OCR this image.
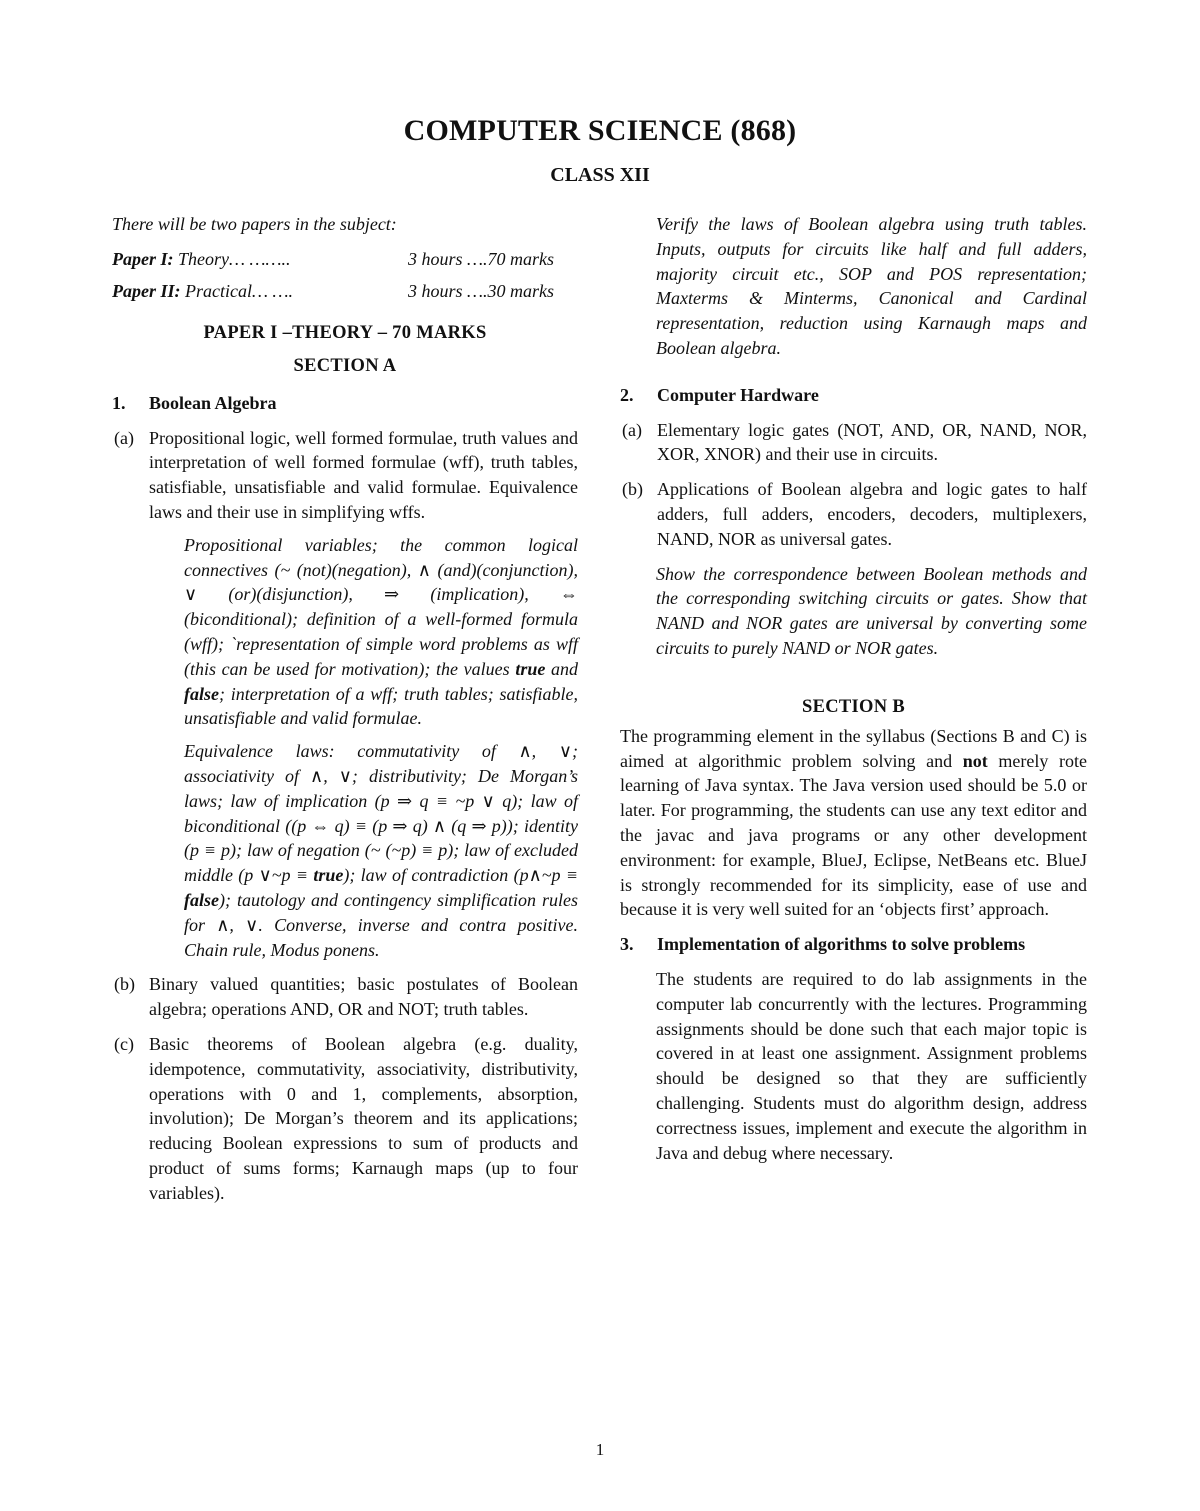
COMPUTER SCIENCE (868)
CLASS XII

There will be two papers in the subject:

Paper I: Theory… ……..	3 hours ….70 marks
Paper II: Practical… ….	3 hours ….30 marks
PAPER I –THEORY – 70 MARKS
SECTION A
1.	Boolean Algebra
(a) Propositional logic, well formed formulae, truth values and interpretation of well formed formulae (wff), truth tables, satisfiable, unsatisfiable and valid formulae. Equivalence laws and their use in simplifying wffs.

Propositional variables; the common logical connectives (~ (not)(negation), ∧ (and)(conjunction), ∨ (or)(disjunction), ⇒ (implication), ⇔ (biconditional); definition of a well-formed formula (wff); `representation of simple word problems as wff (this can be used for motivation); the values true and false; interpretation of a wff; truth tables; satisfiable, unsatisfiable and valid formulae.

Equivalence laws: commutativity of ∧, ∨; associativity of ∧, ∨; distributivity; De Morgan’s laws; law of implication (p ⇒ q ≡ ~p ∨ q); law of biconditional ((p ⇔ q) ≡ (p ⇒ q) ∧ (q ⇒ p)); identity (p ≡ p); law of negation (~ (~p) ≡ p); law of excluded middle (p ∨~p ≡ true); law of contradiction (p∧~p ≡ false); tautology and contingency simplification rules for ∧, ∨. Converse, inverse and contra positive. Chain rule, Modus ponens.

(b) Binary valued quantities; basic postulates of Boolean algebra; operations AND, OR and NOT; truth tables.
(c) Basic theorems of Boolean algebra (e.g. duality, idempotence, commutativity, associativity, distributivity, operations with 0 and 1, complements, absorption, involution); De Morgan’s theorem and its applications; reducing Boolean expressions to sum of products and product of sums forms; Karnaugh maps (up to four variables).

Verify the laws of Boolean algebra using truth tables. Inputs, outputs for circuits like half and full adders, majority circuit etc., SOP and POS representation; Maxterms & Minterms, Canonical and Cardinal representation, reduction using Karnaugh maps and Boolean algebra.

2.	Computer Hardware
(a) Elementary logic gates (NOT, AND, OR, NAND, NOR, XOR, XNOR) and their use in circuits.
(b) Applications of Boolean algebra and logic gates to half adders, full adders, encoders, decoders, multiplexers, NAND, NOR as universal gates.

Show the correspondence between Boolean methods and the corresponding switching circuits or gates. Show that NAND and NOR gates are universal by converting some circuits to purely NAND or NOR gates.

SECTION B

The programming element in the syllabus (Sections B and C) is aimed at algorithmic problem solving and not merely rote learning of Java syntax. The Java version used should be 5.0 or later. For programming, the students can use any text editor and the javac and java programs or any other development environment: for example, BlueJ, Eclipse, NetBeans etc. BlueJ is strongly recommended for its simplicity, ease of use and because it is very well suited for an ‘objects first’ approach.

3.	Implementation of algorithms to solve problems

The students are required to do lab assignments in the computer lab concurrently with the lectures. Programming assignments should be done such that each major topic is covered in at least one assignment. Assignment problems should be designed so that they are sufficiently challenging. Students must do algorithm design, address correctness issues, implement and execute the algorithm in Java and debug where necessary.

1
